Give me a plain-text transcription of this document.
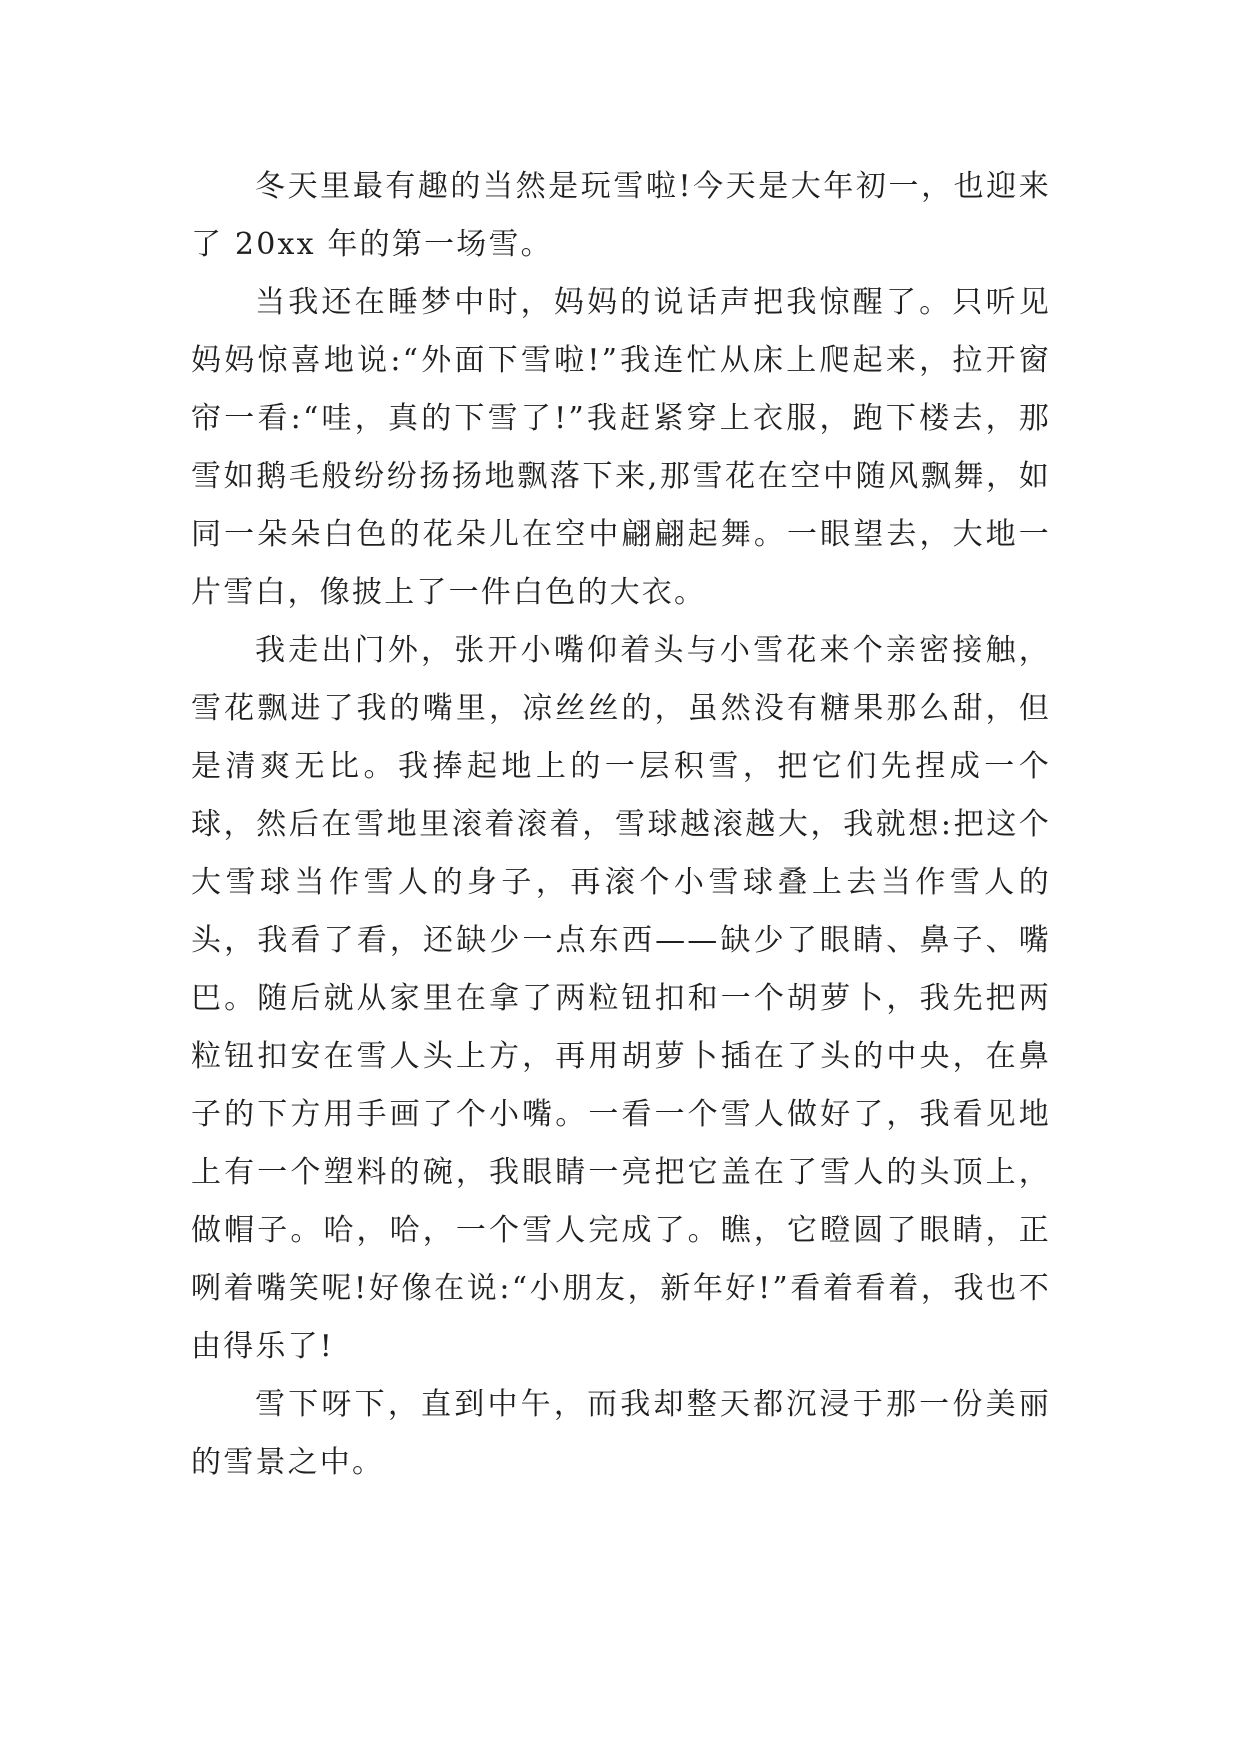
冬天里最有趣的当然是玩雪啦!今天是大年初一，也迎来了 20xx 年的第一场雪。

当我还在睡梦中时，妈妈的说话声把我惊醒了。只听见妈妈惊喜地说:“外面下雪啦!”我连忙从床上爬起来，拉开窗帘一看:“哇，真的下雪了!”我赶紧穿上衣服，跑下楼去，那雪如鹅毛般纷纷扬扬地飘落下来,那雪花在空中随风飘舞，如同一朵朵白色的花朵儿在空中翩翩起舞。一眼望去，大地一片雪白，像披上了一件白色的大衣。

我走出门外，张开小嘴仰着头与小雪花来个亲密接触，雪花飘进了我的嘴里，凉丝丝的，虽然没有糖果那么甜，但是清爽无比。我捧起地上的一层积雪，把它们先捏成一个球，然后在雪地里滚着滚着，雪球越滚越大，我就想:把这个大雪球当作雪人的身子，再滚个小雪球叠上去当作雪人的头，我看了看，还缺少一点东西——缺少了眼睛、鼻子、嘴巴。随后就从家里在拿了两粒钮扣和一个胡萝卜，我先把两粒钮扣安在雪人头上方，再用胡萝卜插在了头的中央，在鼻子的下方用手画了个小嘴。一看一个雪人做好了，我看见地上有一个塑料的碗，我眼睛一亮把它盖在了雪人的头顶上，做帽子。哈，哈，一个雪人完成了。瞧，它瞪圆了眼睛，正咧着嘴笑呢!好像在说:“小朋友，新年好!”看着看着，我也不由得乐了!

雪下呀下，直到中午，而我却整天都沉浸于那一份美丽的雪景之中。
